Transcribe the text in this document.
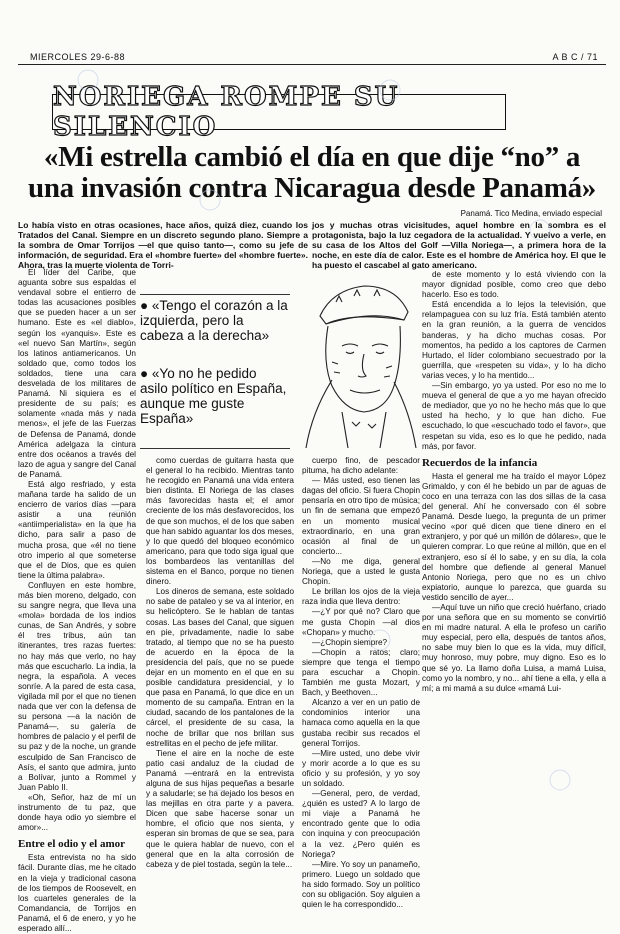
MIERCOLES 29-6-88	A B C / 71
NORIEGA ROMPE SU SILENCIO
«Mi estrella cambió el día en que dije “no” a
una invasión contra Nicaragua desde Panamá»
Panamá. Tico Medina, enviado especial
Lo había visto en otras ocasiones, hace años, quizá diez, cuando los Tratados del Canal. Siempre en un discreto segundo plano. Siempre a la sombra de Omar Torrijos —el que quiso tanto—, como su jefe de información, de seguridad. Era el «hombre fuerte» del «hombre fuerte». Ahora, tras la muerte violenta de Torri-
jos y muchas otras vicisitudes, aquel hombre en la sombra es el protagonista, bajo la luz cegadora de la actualidad. Y vuelvo a verle, en su casa de los Altos del Golf —Villa Noriega—, a primera hora de la noche, en este día de calor. Este es el hombre de América hoy. El que le ha puesto el cascabel al gato americano.

El líder del Caribe, que aguanta sobre sus espaldas el vendaval sobre el entierro de todas las acusaciones posibles que se pueden hacer a un ser humano. Este es «el diablo», según los «yanquis». Este es «el nuevo San Martín», según los latinos antiamericanos. Un soldado que, como todos los soldados, tiene una cara desvelada de los militares de Panamá. Ni siquiera es el presidente de su país; es solamente «nada más y nada menos», el jefe de las Fuerzas de Defensa de Panamá, donde América adelgaza la cintura entre dos océanos a través del lazo de agua y sangre del Canal de Panamá.

Está algo resfriado, y esta mañana tarde ha salido de un encierro de varios días —para asistir a una reunión «antiimperialista» en la que ha dicho, para salir a paso de mucha prosa, que «él no tiene otro imperio al que someterse que el de Dios, que es quien tiene la última palabra».

Confluyen en este hombre, más bien moreno, delgado, con su sangre negra, que lleva una «mola» bordada de los indios cunas, de San Andrés, y sobre él tres tribus, aún tan itinerantes, tres razas fuertes: no hay más que verlo, no hay más que escucharlo. La india, la negra, la española. A veces sonríe. A la pared de esta casa, vigilada mil por el que no tienen nada que ver con la defensa de su persona —a la nación de Panamá—, su galería de hombres de palacio y el perfil de su paz y de la noche, un grande esculpido de San Francisco de Asís, el santo que admira, junto a Bolívar, junto a Rommel y Juan Pablo II.

«Oh, Señor, haz de mí un instrumento de tu paz, que donde haya odio yo siembre el amor»...

Entre el odio y el amor

Esta entrevista no ha sido fácil. Durante días, me he citado en la vieja y tradicional casona de los tiempos de Roosevelt, en los cuarteles generales de la Comandancia, de Torrijos en Panamá, el 6 de enero, y yo he esperado allí...

● «Tengo el corazón a la izquierda, pero la cabeza a la derecha»
● «Yo no he pedido asilo político en España, aunque me guste España»

como cuerdas de guitarra hasta que el general lo ha recibido. Mientras tanto he recogido en Panamá una vida entera bien distinta. El Noriega de las clases más favorecidas hasta el; el amor creciente de los más desfavorecidos, los de que son muchos, el de los que saben que han sabido aguantar los dos meses, y lo que quedó del bloqueo económico americano, para que todo siga igual que los bombardeos las ventanillas del sistema en el Banco, porque no tienen dinero.

Los dineros de semana, este soldado no sabe de pataleo y se va al interior, en su helicóptero. Se le hablan de tantas cosas. Las bases del Canal, que siguen en pie, privadamente, nadie lo sabe tratado, al tiempo que no se ha puesto de acuerdo en la época de la presidencia del país, que no se puede dejar en un momento en el que en su posible candidatura presidencial, y lo que pasa en Panamá, lo que dice en un momento de su campaña. Entran en la ciudad, sacando de los pantalones de la cárcel, el presidente de su casa, la noche de brillar que nos brillan sus estrellitas en el pecho de jefe militar.

Tiene el aire en la noche de este patio casi andaluz de la ciudad de Panamá —entrará en la entrevista alguna de sus hijas pequeñas a besarle y a saludarle; se ha dejado los besos en las mejillas en otra parte y a pavera. Dicen que sabe hacerse sonar un hombre, el oficio que nos sienta, y esperan sin bromas de que se sea, para que le quiera hablar de nuevo, con el general que en la alta corrosión de cabeza y de piel tostada, según la tele...

cuerpo fino, de pescador pituma, ha dicho adelante:

— Más usted, eso tienen las dagas del oficio. Si fuera Chopin pensaría en otro tipo de música; un fin de semana que empezó en un momento musical extraordinario, en una gran ocasión al final de un concierto...

—No me diga, general Noriega, que a usted le gusta Chopin.

Le brillan los ojos de la vieja raza india que lleva dentro:

—¿Y por qué no? Claro que me gusta Chopin —al dios «Chopan» y mucho.

—¿Chopin siempre?

—Chopin a ratos; claro; siempre que tenga el tiempo para escuchar a Chopin. También me gusta Mozart, y Bach, y Beethoven...

Alcanzo a ver en un patio de condominios interior una hamaca como aquella en la que gustaba recibir sus recados el general Torrijos.

—Mire usted, uno debe vivir y morir acorde a lo que es su oficio y su profesión, y yo soy un soldado.

—General, pero, de verdad, ¿quién es usted? A lo largo de mi viaje a Panamá he encontrado gente que lo odia con inquina y con preocupación a la vez. ¿Pero quién es Noriega?

—Mire. Yo soy un panameño, primero. Luego un soldado que ha sido formado. Soy un político con su obligación. Soy alguien a quien le ha correspondido...

de este momento y lo está viviendo con la mayor dignidad posible, como creo que debo hacerlo. Eso es todo.

Está encendida a lo lejos la televisión, que relampaguea con su luz fría. Está también atento en la gran reunión, a la guerra de vencidos banderas, y ha dicho muchas cosas. Por momentos, ha pedido a los captores de Carmen Hurtado, el líder colombiano secuestrado por la guerrilla, que «respeten su vida», y lo ha dicho varias veces, y lo ha mentido...

—Sin embargo, yo ya usted. Por eso no me lo mueva el general de que a yo me hayan ofrecido de mediador, que yo no he hecho más que lo que usted ha hecho, y lo que han dicho. Fue escuchado, lo que «escuchado todo el favor», que respetan su vida, eso es lo que he pedido, nada más, por favor.

Recuerdos de la infancia

Hasta el general me ha traído el mayor López Grimaldo, y con él he bebido un par de aguas de coco en una terraza con las dos sillas de la casa del general. Ahí he conversado con él sobre Panamá. Desde luego, la pregunta de un primer vecino «por qué dicen que tiene dinero en el extranjero, y por qué un millón de dólares», que le quieren comprar. Lo que reúne al millón, que en el extranjero, eso sí él lo sabe, y en su día, la cola del hombre que defiende al general Manuel Antonio Noriega, pero que no es un chivo expiatorio, aunque lo parezca, que guarda su vestido sencillo de ayer...

—Aquí tuve un niño que creció huérfano, criado por una señora que en su momento se convirtió en mi madre natural. A ella le profeso un cariño muy especial, pero ella, después de tantos años, no sabe muy bien lo que es la vida, muy difícil, muy honroso, muy pobre, muy digno. Eso es lo que sé yo. La llamo doña Luisa, a mamá Luisa, como yo la nombro, y no... ahí tiene a ella, y ella a mí; a mi mamá a su dulce «mamá Lui-
